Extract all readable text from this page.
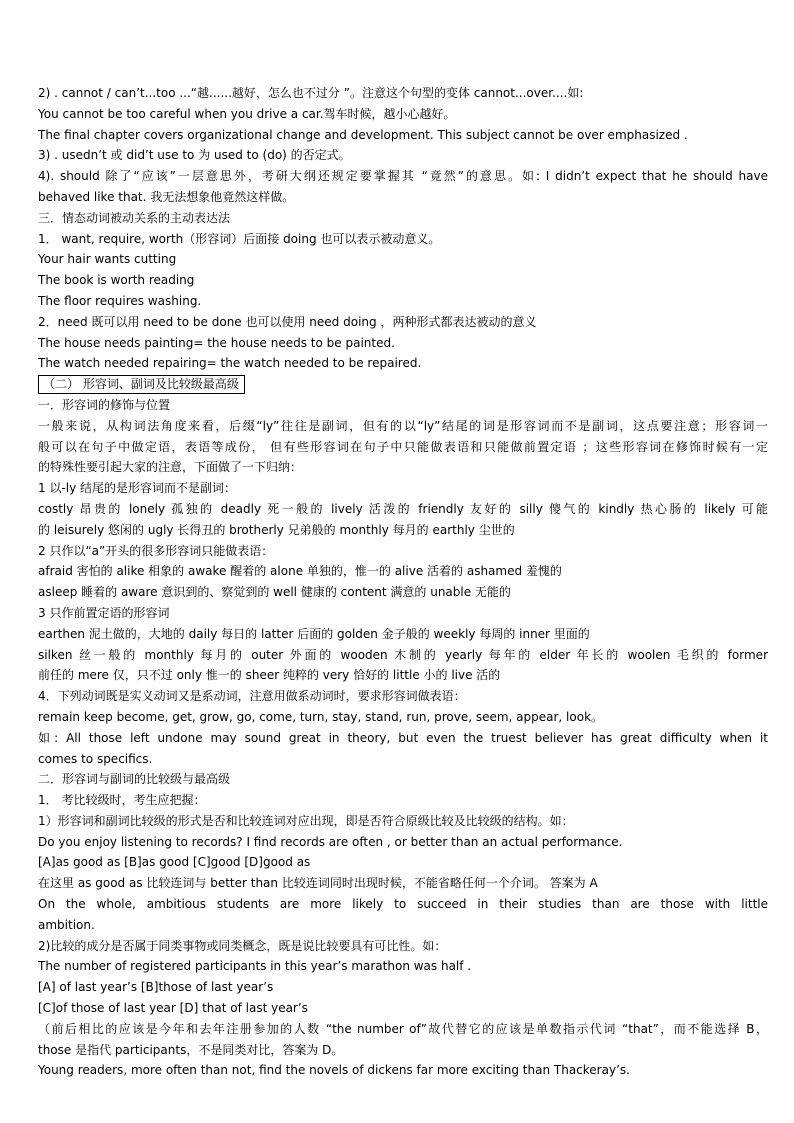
2) . cannot / can’t...too ...“越......越好，怎么也不过分 ”。注意这个句型的变体 cannot...over....如:
You cannot be too careful when you drive a car.驾车时候，越小心越好。
The final chapter covers organizational change and development. This subject cannot be over emphasized .
3) . usedn’t 或 did’t use to 为 used to (do) 的否定式。
4). should 除了“应该”一层意思外，考研大纲还规定要掌握其 “竟然”的意思。如: I didn’t expect that he should have
behaved like that. 我无法想象他竟然这样做。
三．情态动词被动关系的主动表达法
1． want, require, worth（形容词）后面接 doing 也可以表示被动意义。
Your hair wants cutting
The book is worth reading
The floor requires washing.
2．need 既可以用 need to be done 也可以使用 need doing ，两种形式都表达被动的意义
The house needs painting= the house needs to be painted.
The watch needed repairing= the watch needed to be repaired.
（二） 形容词、副词及比较级最高级
一．形容词的修饰与位置
一般来说，从构词法角度来看，后缀“ly”往往是副词，但有的以“ly”结尾的词是形容词而不是副词，这点要注意；形容词一
般可以在句子中做定语，表语等成份， 但有些形容词在句子中只能做表语和只能做前置定语 ；这些形容词在修饰时候有一定
的特殊性要引起大家的注意，下面做了一下归纳：
1 以-ly 结尾的是形容词而不是副词：
costly 昂贵的 lonely 孤独的 deadly 死一般的 lively 活泼的 friendly 友好的 silly 傻气的 kindly 热心肠的 likely 可能
的 leisurely 悠闲的 ugly 长得丑的 brotherly 兄弟般的 monthly 每月的 earthly 尘世的
2 只作以“a”开头的很多形容词只能做表语：
afraid 害怕的 alike 相象的 awake 醒着的 alone 单独的，惟一的 alive 活着的 ashamed 羞愧的
asleep 睡着的 aware 意识到的、察觉到的 well 健康的 content 满意的 unable 无能的
3 只作前置定语的形容词
earthen 泥土做的，大地的 daily 每日的 latter 后面的 golden 金子般的 weekly 每周的 inner 里面的
silken 丝一般的 monthly 每月的 outer 外面的 wooden 木制的 yearly 每年的 elder 年长的 woolen 毛织的 former
前任的 mere 仅，只不过 only 惟一的 sheer 纯粹的 very 恰好的 little 小的 live 活的
4．下列动词既是实义动词又是系动词，注意用做系动词时，要求形容词做表语：
remain keep become, get, grow, go, come, turn, stay, stand, run, prove, seem, appear, look。
如: All those left undone may sound great in theory, but even the truest believer has great difficulty when it
comes to specifics.
二．形容词与副词的比较级与最高级
1． 考比较级时，考生应把握：
1）形容词和副词比较级的形式是否和比较连词对应出现，即是否符合原级比较及比较级的结构。如：
Do you enjoy listening to records? I find records are often , or better than an actual performance.
[A]as good as [B]as good [C]good [D]good as
在这里 as good as 比较连词与 better than 比较连词同时出现时候，不能省略任何一个介词。 答案为 A
On the whole, ambitious students are more likely to succeed in their studies than are those with little
ambition.
2)比较的成分是否属于同类事物或同类概念，既是说比较要具有可比性。如：
The number of registered participants in this year’s marathon was half .
[A] of last year’s [B]those of last year’s
[C]of those of last year [D] that of last year’s
（前后相比的应该是今年和去年注册参加的人数 “the number of”故代替它的应该是单数指示代词 “that”，而不能选择 B，
those 是指代 participants，不是同类对比，答案为 D。
Young readers, more often than not, find the novels of dickens far more exciting than Thackeray’s.
